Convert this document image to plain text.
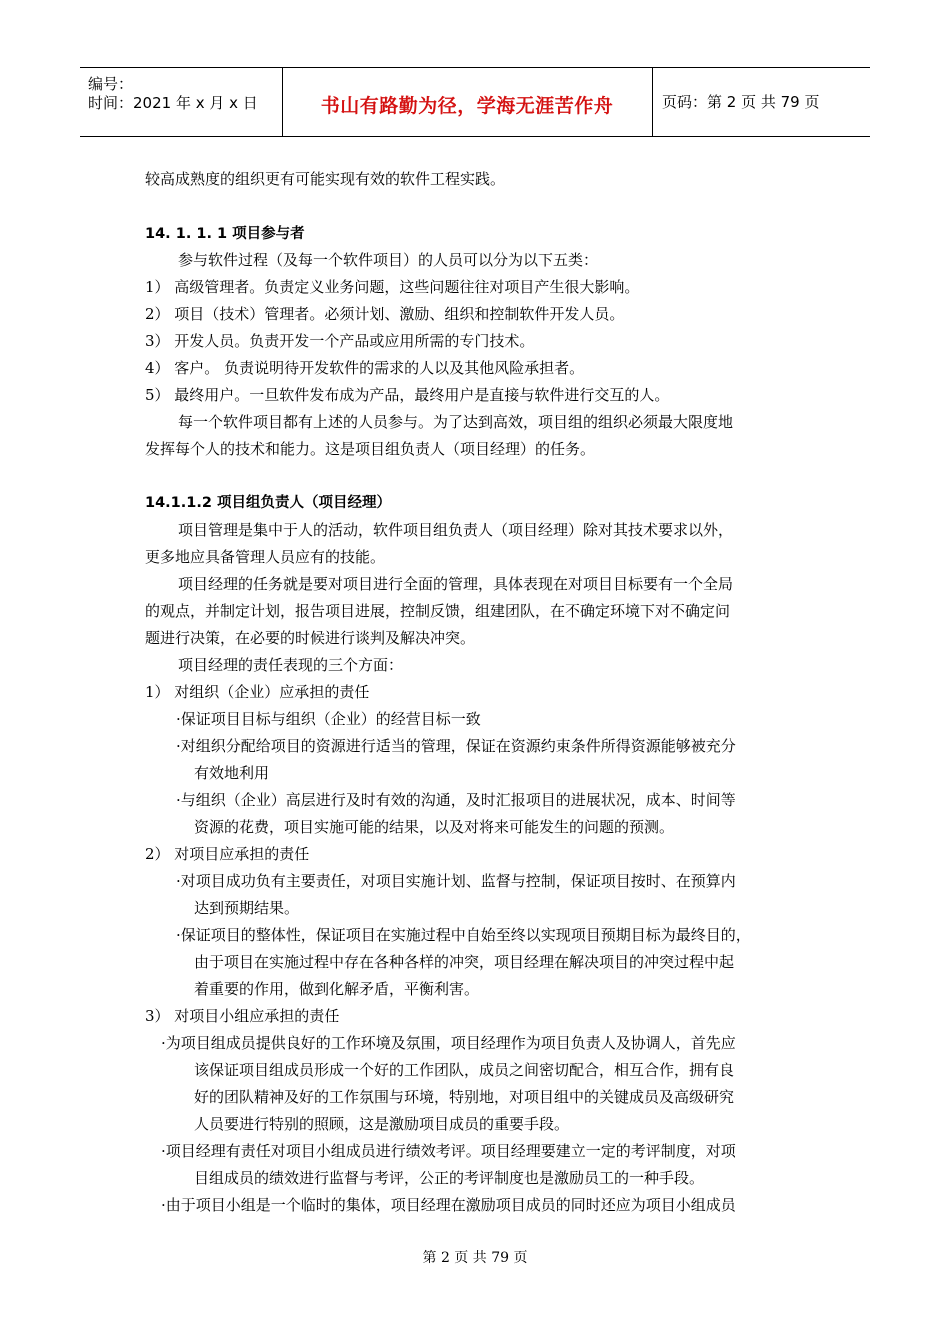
编号：
时间：2021 年 x 月 x 日	书山有路勤为径，学海无涯苦作舟	页码：第 2 页 共 79 页
较高成熟度的组织更有可能实现有效的软件工程实践。
14. 1. 1. 1 项目参与者
参与软件过程（及每一个软件项目）的人员可以分为以下五类：
1） 高级管理者。负责定义业务问题，这些问题往往对项目产生很大影响。
2） 项目（技术）管理者。必须计划、激励、组织和控制软件开发人员。
3） 开发人员。负责开发一个产品或应用所需的专门技术。
4） 客户。 负责说明待开发软件的需求的人以及其他风险承担者。
5） 最终用户。一旦软件发布成为产品，最终用户是直接与软件进行交互的人。
每一个软件项目都有上述的人员参与。为了达到高效，项目组的组织必须最大限度地
发挥每个人的技术和能力。这是项目组负责人（项目经理）的任务。
14.1.1.2 项目组负责人（项目经理）
项目管理是集中于人的活动，软件项目组负责人（项目经理）除对其技术要求以外，
更多地应具备管理人员应有的技能。
项目经理的任务就是要对项目进行全面的管理，具体表现在对项目目标要有一个全局
的观点，并制定计划，报告项目进展，控制反馈，组建团队，在不确定环境下对不确定问
题进行决策，在必要的时候进行谈判及解决冲突。
项目经理的责任表现的三个方面：
1） 对组织（企业）应承担的责任
·保证项目目标与组织（企业）的经营目标一致
·对组织分配给项目的资源进行适当的管理，保证在资源约束条件所得资源能够被充分
有效地利用
·与组织（企业）高层进行及时有效的沟通，及时汇报项目的进展状况，成本、时间等
资源的花费，项目实施可能的结果，以及对将来可能发生的问题的预测。
2） 对项目应承担的责任
·对项目成功负有主要责任，对项目实施计划、监督与控制，保证项目按时、在预算内
达到预期结果。
·保证项目的整体性，保证项目在实施过程中自始至终以实现项目预期目标为最终目的，
由于项目在实施过程中存在各种各样的冲突，项目经理在解决项目的冲突过程中起
着重要的作用，做到化解矛盾，平衡利害。
3） 对项目小组应承担的责任
·为项目组成员提供良好的工作环境及氛围，项目经理作为项目负责人及协调人，首先应
该保证项目组成员形成一个好的工作团队，成员之间密切配合，相互合作，拥有良
好的团队精神及好的工作氛围与环境，特别地，对项目组中的关键成员及高级研究
人员要进行特别的照顾，这是激励项目成员的重要手段。
·项目经理有责任对项目小组成员进行绩效考评。项目经理要建立一定的考评制度，对项
目组成员的绩效进行监督与考评，公正的考评制度也是激励员工的一种手段。
·由于项目小组是一个临时的集体，项目经理在激励项目成员的同时还应为项目小组成员
第 2 页 共 79 页
